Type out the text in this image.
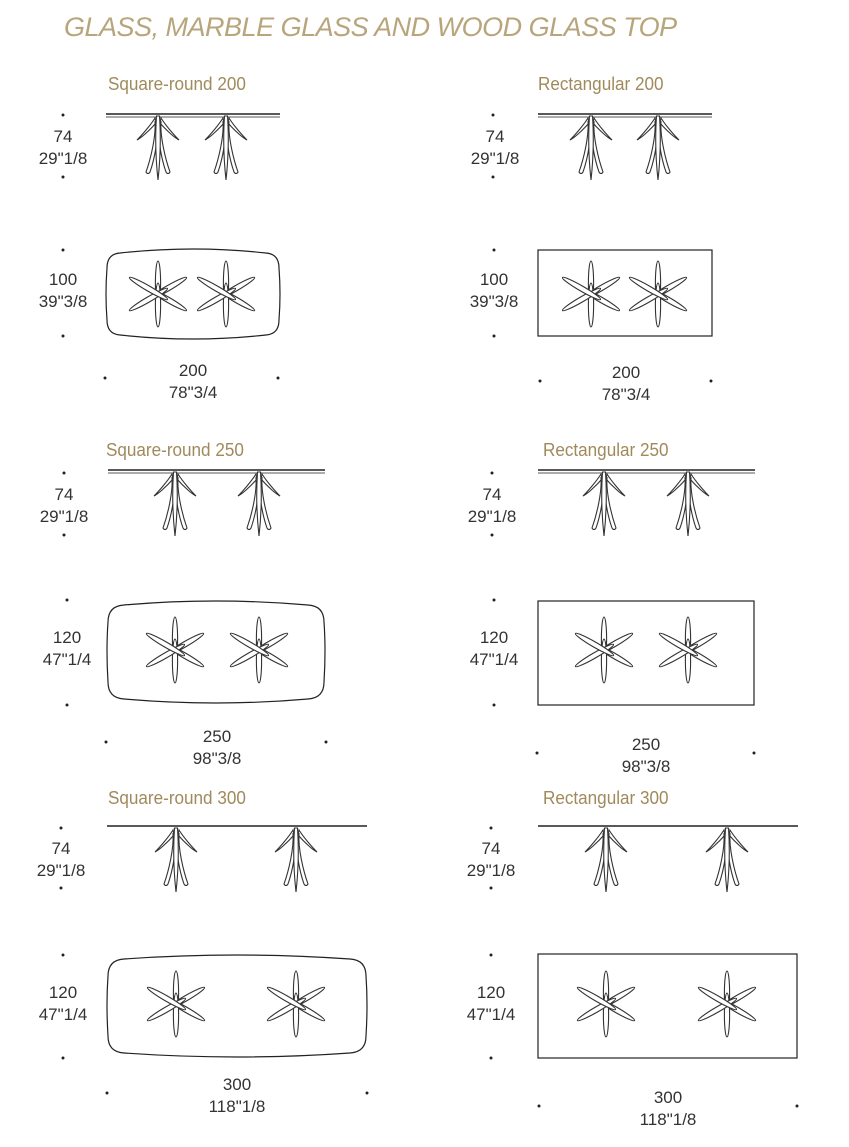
GLASS, MARBLE GLASS AND WOOD GLASS TOP
Square-round 200	Rectangular 200
Square-round 250	Rectangular 250
Square-round 300	Rectangular 300
74
29"1/8
74
29"1/8
74
29"1/8
74
29"1/8
74
29"1/8
74
29"1/8
100
39"3/8
100
39"3/8
120
47"1/4
120
47"1/4
120
47"1/4
120
47"1/4
200
78"3/4
200
78"3/4
250
98"3/8
250
98"3/8
300
118"1/8	300
118"1/8
